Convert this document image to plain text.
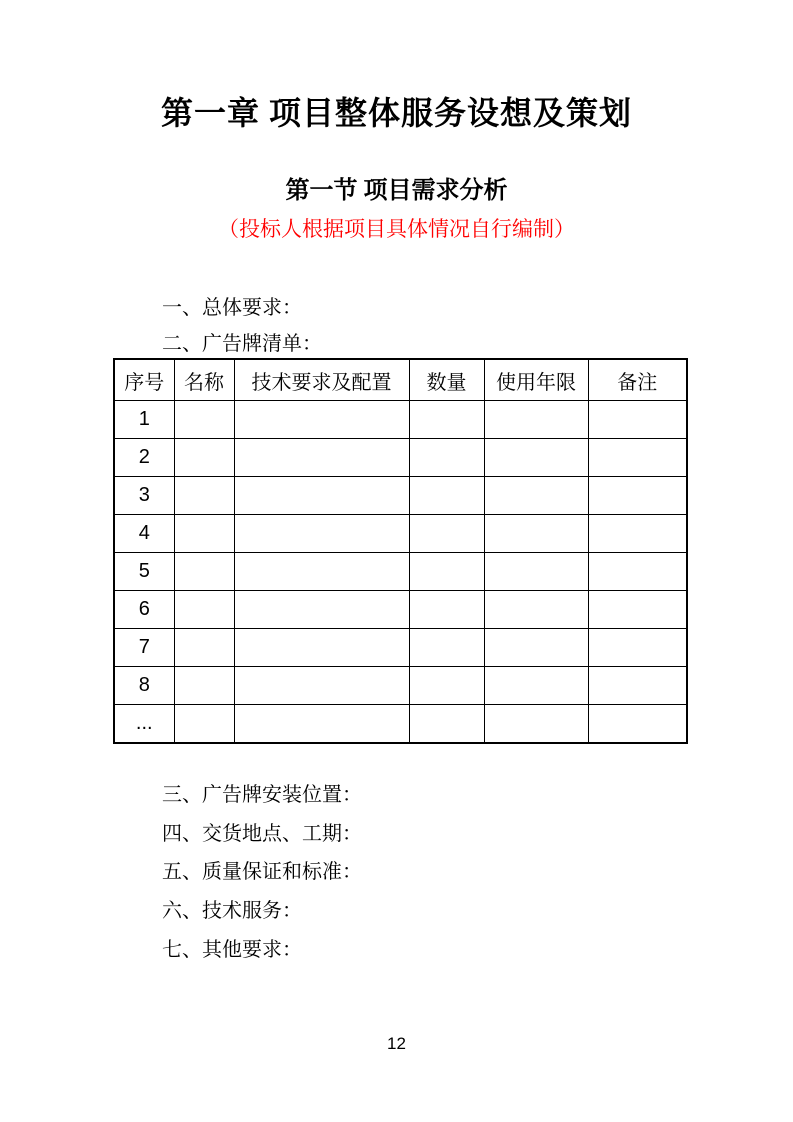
第一章 项目整体服务设想及策划
第一节 项目需求分析
（投标人根据项目具体情况自行编制）
一、总体要求：
二、广告牌清单：
序号	名称	技术要求及配置	数量	使用年限	备注
1					
2					
3					
4					
5					
6					
7					
8					
...					
三、广告牌安装位置：
四、交货地点、工期：
五、质量保证和标准：
六、技术服务：
七、其他要求：
12
